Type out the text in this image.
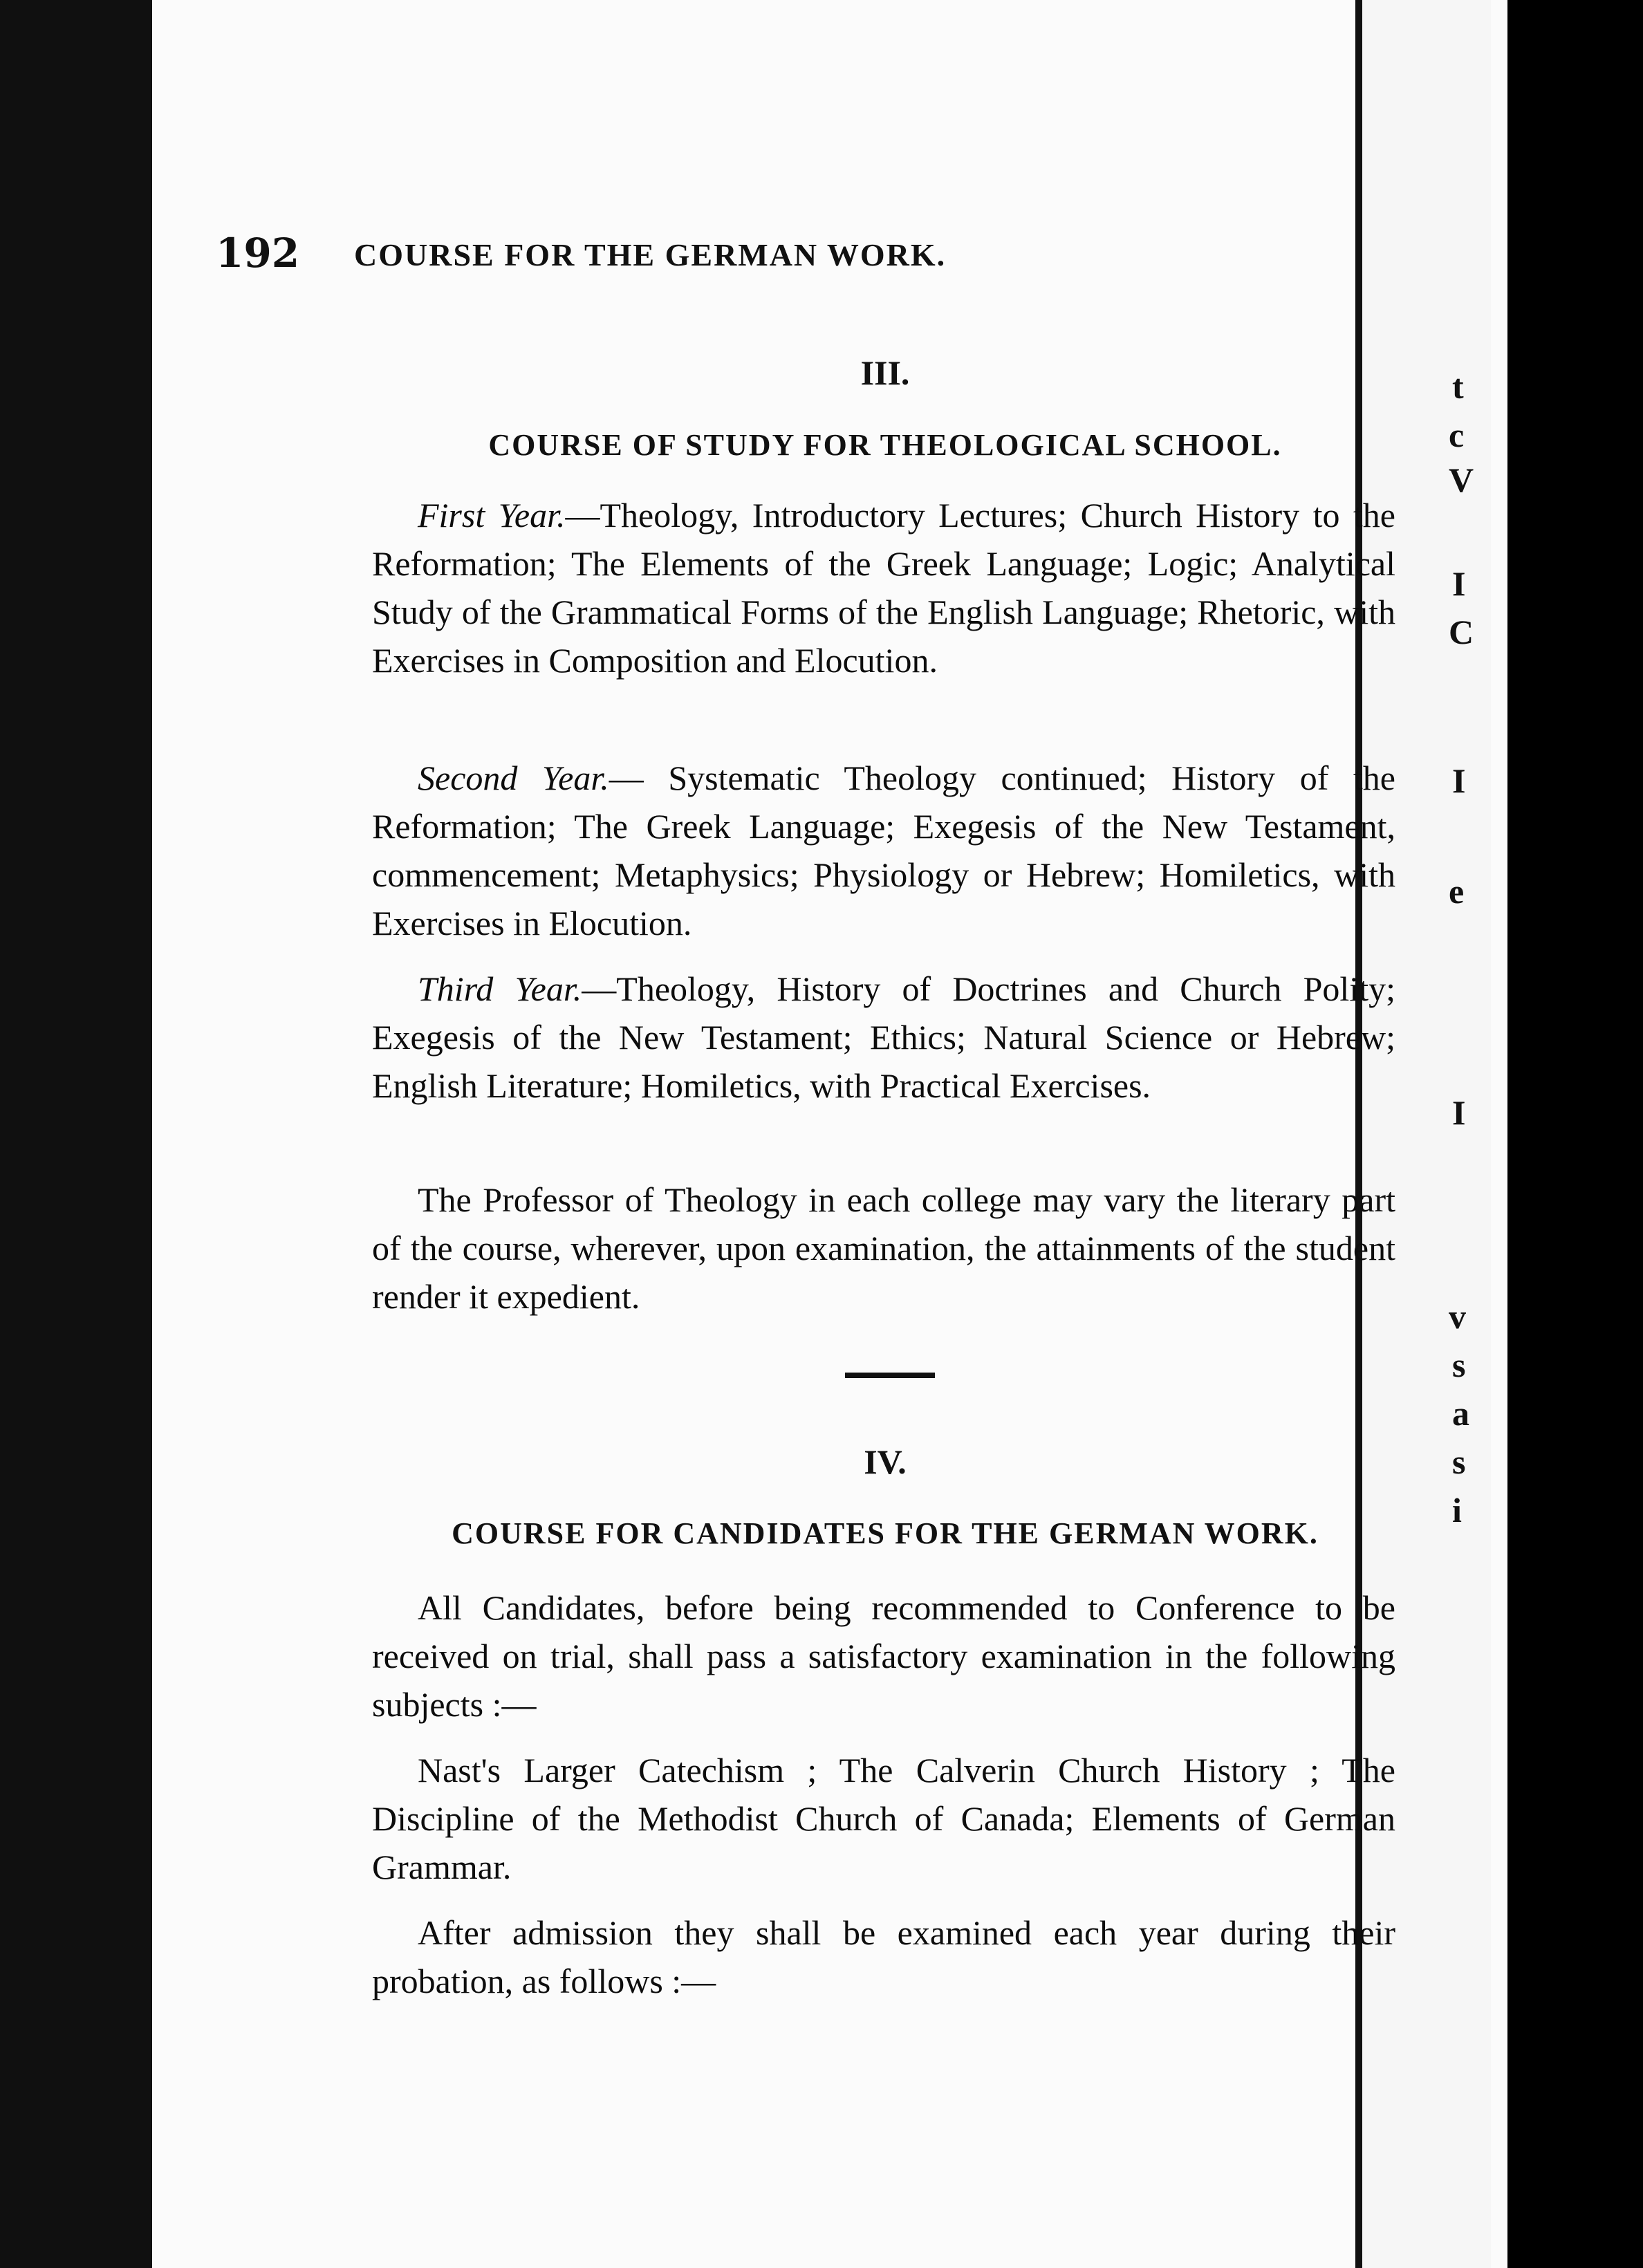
192 COURSE FOR THE GERMAN WORK.
III.
COURSE OF STUDY FOR THEOLOGICAL SCHOOL.
First Year.—Theology, Introductory Lectures; Church History to the Reformation; The Elements of the Greek Language; Logic; Analytical Study of the Grammatical Forms of the English Language; Rhetoric, with Exercises in Composition and Elocution.
Second Year.— Systematic Theology continued; History of the Reformation; The Greek Language; Exegesis of the New Testament, commencement; Metaphysics; Physiology or Hebrew; Homiletics, with Exercises in Elocution.
Third Year.—Theology, History of Doctrines and Church Polity; Exegesis of the New Testament; Ethics; Natural Science or Hebrew; English Literature; Homiletics, with Practical Exercises.
The Professor of Theology in each college may vary the literary part of the course, wherever, upon examination, the attainments of the student render it expedient.
IV.
COURSE FOR CANDIDATES FOR THE GERMAN WORK.
All Candidates, before being recommended to Conference to be received on trial, shall pass a satisfactory examination in the following subjects :—
Nast's Larger Catechism ; The Calverin Church History ; The Discipline of the Methodist Church of Canada; Elements of German Grammar.
After admission they shall be examined each year during their probation, as follows :—
t
c
V
I
C
I
e
I
v
s
a
s
i
